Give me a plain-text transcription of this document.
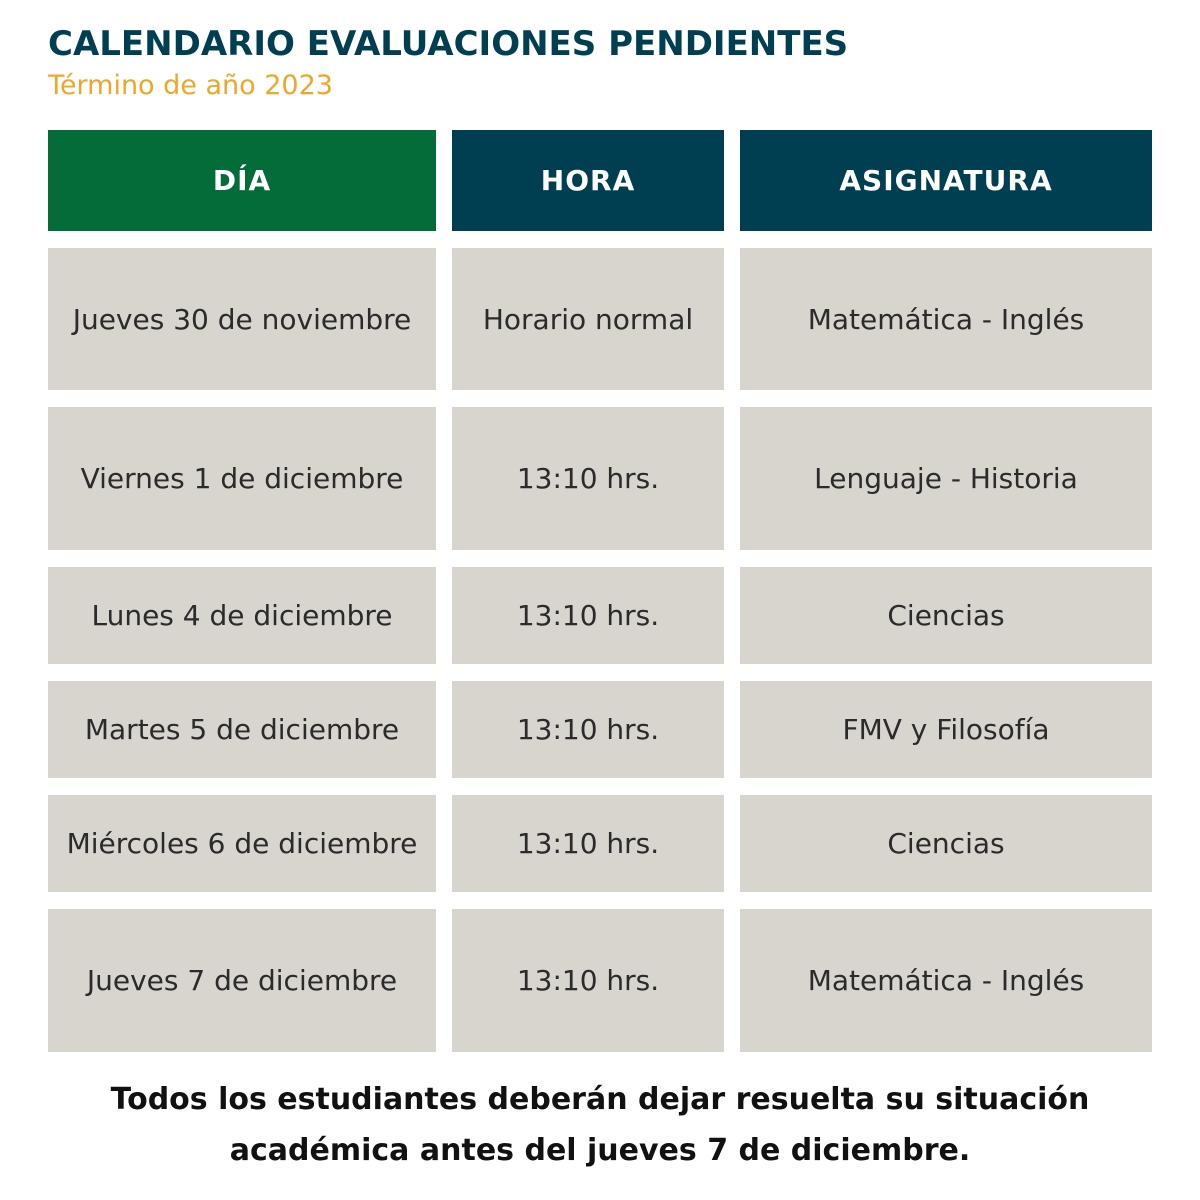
CALENDARIO EVALUACIONES PENDIENTES

Término de año 2023

DÍA	HORA	ASIGNATURA
Jueves 30 de noviembre	Horario normal	Matemática - Inglés
Viernes 1 de diciembre	13:10 hrs.	Lenguaje - Historia
Lunes 4 de diciembre	13:10 hrs.	Ciencias
Martes 5 de diciembre	13:10 hrs.	FMV y Filosofía
Miércoles 6 de diciembre	13:10 hrs.	Ciencias
Jueves 7 de diciembre	13:10 hrs.	Matemática - Inglés

Todos los estudiantes deberán dejar resuelta su situación
académica antes del jueves 7 de diciembre.
